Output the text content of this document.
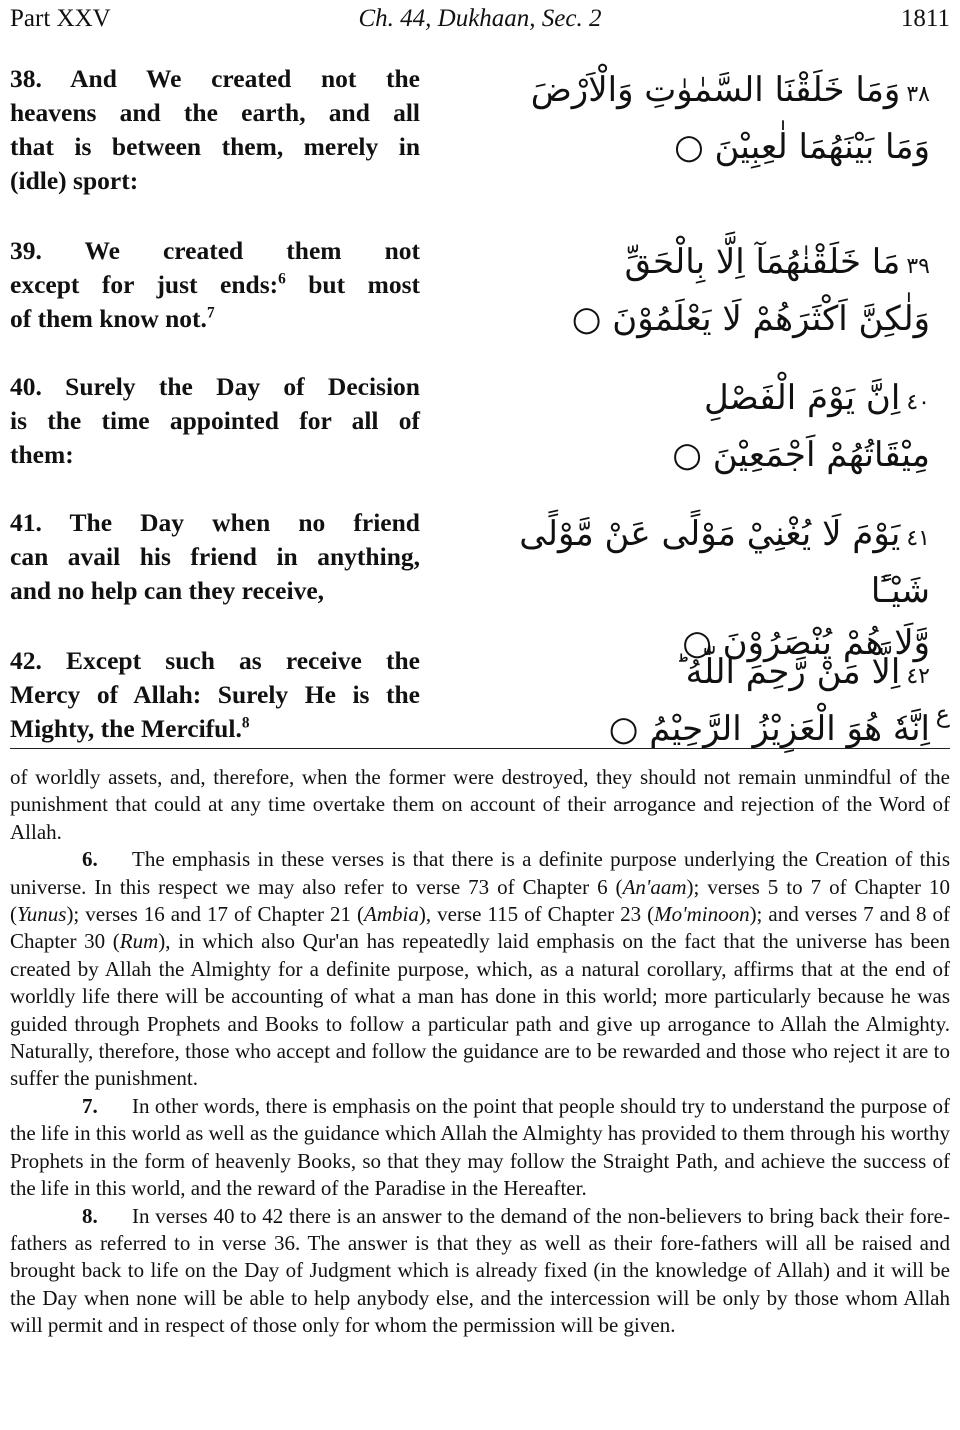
Part XXV	Ch. 44, Dukhaan, Sec. 2	1811
38. And We created not the
heavens and the earth, and all
that is between them, merely in
(idle) sport:
٣٨وَمَا خَلَقْنَا السَّمٰوٰتِ وَالْاَرْضَ
وَمَا بَيْنَهُمَا لٰعِبِيْنَ ○
39. We created them not
except for just ends:$^6$ but most
of them know not.$^7$
٣٩مَا خَلَقْنٰهُمَآ اِلَّا بِالْحَقِّ
وَلٰكِنَّ اَكْثَرَهُمْ لَا يَعْلَمُوْنَ ○
40. Surely the Day of Decision
is the time appointed for all of
them:
٤٠اِنَّ يَوْمَ الْفَصْلِ
مِيْقَاتُهُمْ اَجْمَعِيْنَ ○
41. The Day when no friend
can avail his friend in anything,
and no help can they receive,
٤١يَوْمَ لَا يُغْنِيْ مَوْلًى عَنْ مَّوْلًى شَيْـًٔا
وَّلَا هُمْ يُنْصَرُوْنَ ○
42. Except such as receive the
Mercy of Allah: Surely He is the
Mighty, the Merciful.$^8$
٤٢اِلَّا مَنْ رَّحِمَ اللّٰهُ ؕ
اِنَّهٗ هُوَ الْعَزِيْزُ الرَّحِيْمُ ○ ع

of worldly assets, and, therefore, when the former were destroyed, they should not remain unmindful of the punishment that could at any time overtake them on account of their arrogance and rejection of the Word of Allah.

6. The emphasis in these verses is that there is a definite purpose underlying the Creation of this universe. In this respect we may also refer to verse 73 of Chapter 6 (An'aam); verses 5 to 7 of Chapter 10 (Yunus); verses 16 and 17 of Chapter 21 (Ambia), verse 115 of Chapter 23 (Mo'minoon); and verses 7 and 8 of Chapter 30 (Rum), in which also Qur'an has repeatedly laid emphasis on the fact that the universe has been created by Allah the Almighty for a definite purpose, which, as a natural corollary, affirms that at the end of worldly life there will be accounting of what a man has done in this world; more particularly because he was guided through Prophets and Books to follow a particular path and give up arrogance to Allah the Almighty. Naturally, therefore, those who accept and follow the guidance are to be rewarded and those who reject it are to suffer the punishment.

7. In other words, there is emphasis on the point that people should try to understand the purpose of the life in this world as well as the guidance which Allah the Almighty has provided to them through his worthy Prophets in the form of heavenly Books, so that they may follow the Straight Path, and achieve the success of the life in this world, and the reward of the Paradise in the Hereafter.

8. In verses 40 to 42 there is an answer to the demand of the non-believers to bring back their fore-fathers as referred to in verse 36. The answer is that they as well as their fore-fathers will all be raised and brought back to life on the Day of Judgment which is already fixed (in the knowledge of Allah) and it will be the Day when none will be able to help anybody else, and the intercession will be only by those whom Allah will permit and in respect of those only for whom the permission will be given.
